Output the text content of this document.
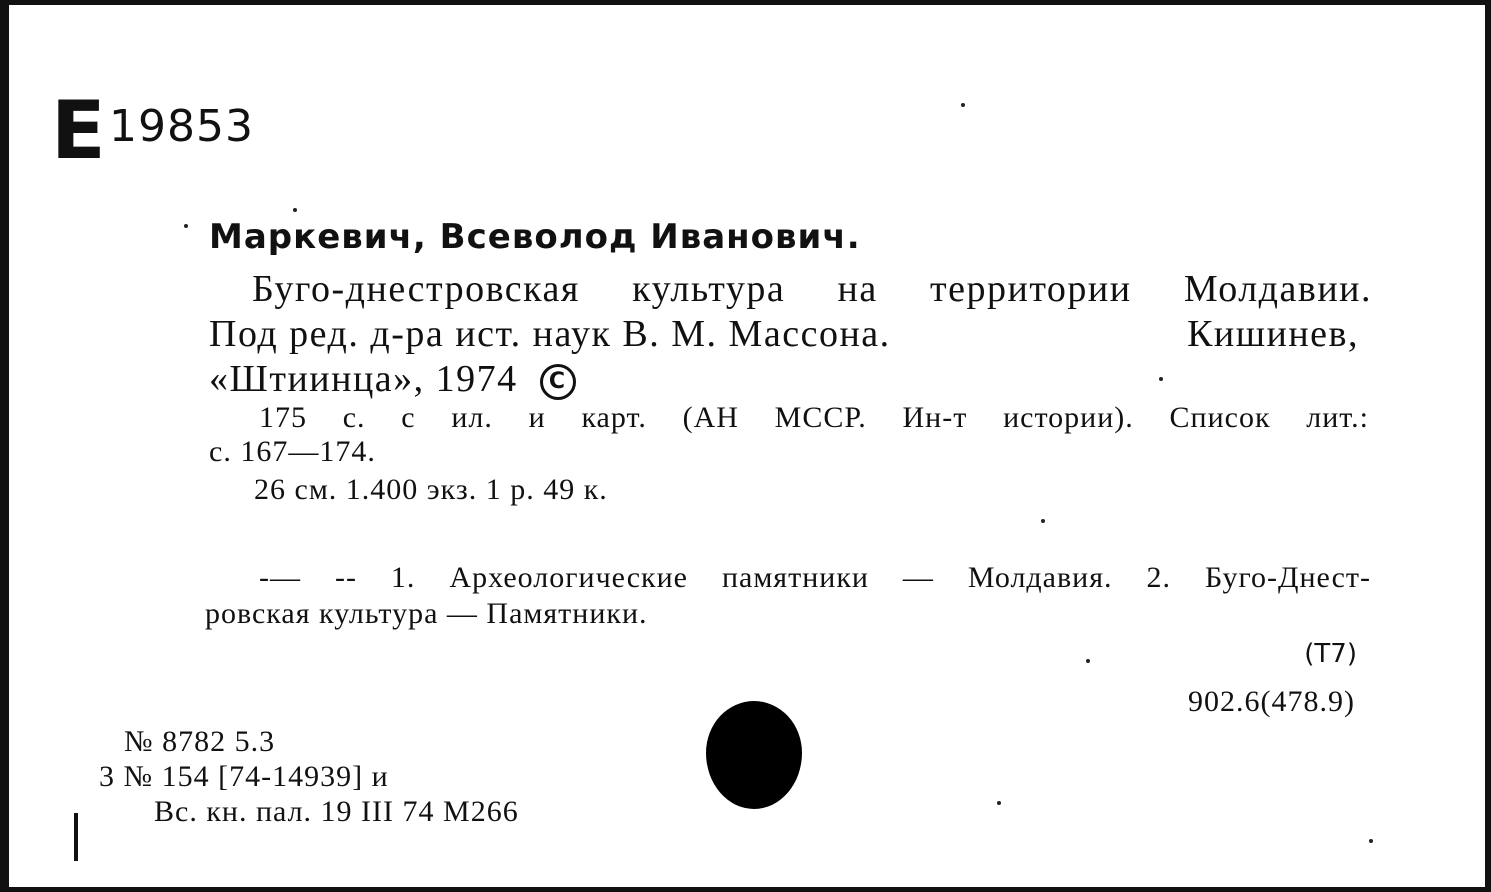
E 19853
Маркевич, Всеволод Иванович.
Буго-днестровская культура на территории Молдавии.
Под ред. д-ра ист. наук В. М. Массона.	Кишинев,
«Штиинца», 1974 С
175 с. с ил. и карт. (АН МССР. Ин-т истории). Список лит.:
с. 167—174.
26 см. 1.400 экз. 1 р. 49 к.
-— -- 1. Археологические памятники — Молдавия. 2. Буго-Днест-
ровская культура — Памятники.
(Т7)
902.6(478.9)
№ 8782 5.3
3 № 154 [74-14939] и
Вс. кн. пал. 19 III 74 М266
